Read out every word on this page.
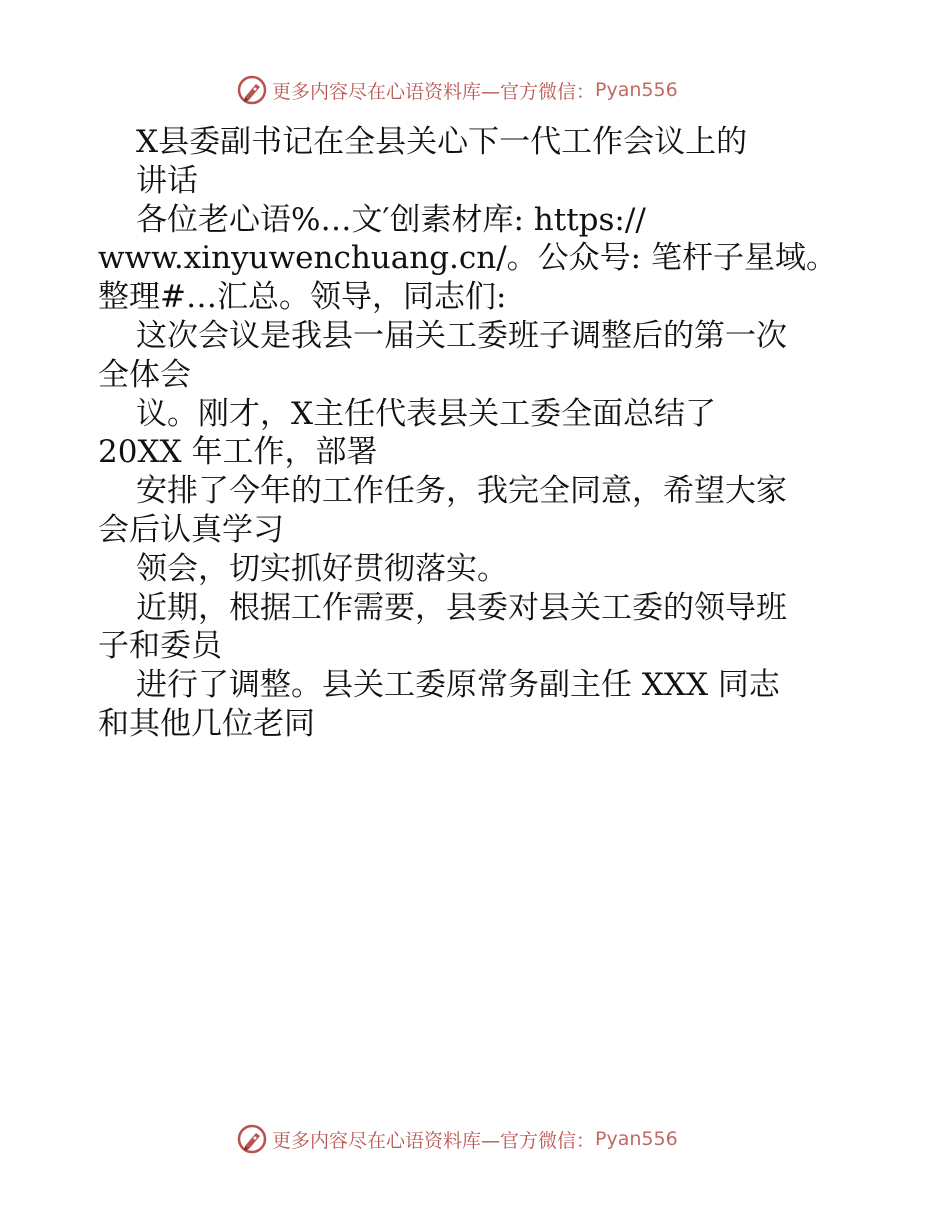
更多内容尽在心语资料库—官方微信： Pyan556
X县委副书记在全县关心下一代工作会议上的
讲话
各位老心语%…文′创素材库: https://
www.xinyuwenchuang.cn/。公众号: 笔杆子星域。
整理#…汇总。领导，同志们:
这次会议是我县一届关工委班子调整后的第一次
全体会
议。刚才，X主任代表县关工委全面总结了
20XX 年工作，部署
安排了今年的工作任务，我完全同意，希望大家
会后认真学习
领会，切实抓好贯彻落实。
近期，根据工作需要，县委对县关工委的领导班
子和委员
进行了调整。县关工委原常务副主任 XXX 同志
和其他几位老同
更多内容尽在心语资料库—官方微信： Pyan556
